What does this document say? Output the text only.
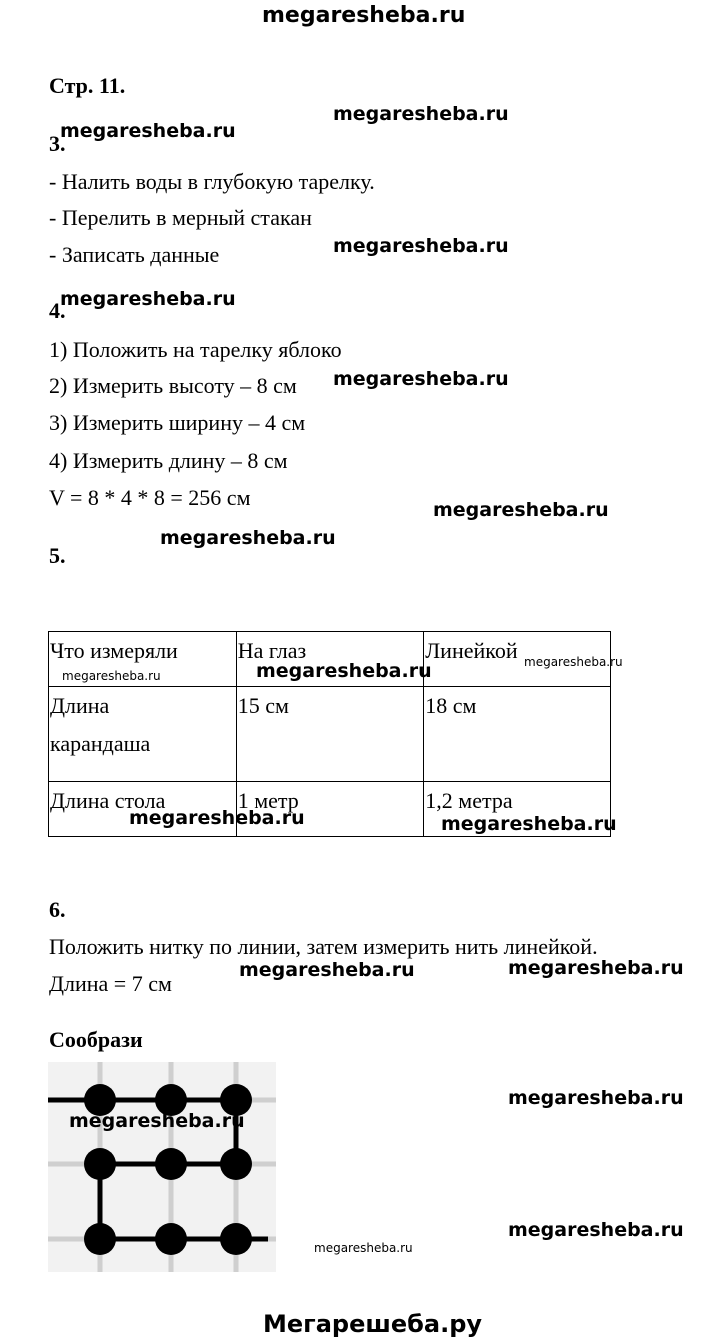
megaresheba.ru
Стр. 11.
3.
- Налить воды в глубокую тарелку.
- Перелить в мерный стакан
- Записать данные
4.
1) Положить на тарелку яблоко
2) Измерить высоту – 8 см
3) Измерить ширину – 4 см
4) Измерить длину – 8 см
V = 8 * 4 * 8 = 256 см
5.
Что измеряли	На глаз	Линейкой

Длина
карандаша	15 см	18 см
Длина стола	1 метр	1,2 метра
6.
Положить нитку по линии, затем измерить нить линейкой.
Длина = 7 см
Сообрази
megaresheba.ru
megaresheba.ru
megaresheba.ru
megaresheba.ru
megaresheba.ru
megaresheba.ru
megaresheba.ru
megaresheba.ru	megaresheba.ru	megaresheba.ru
megaresheba.ru	megaresheba.ru
megaresheba.ru	megaresheba.ru
megaresheba.ru
megaresheba.ru
megaresheba.ru
megaresheba.ru
Мегарешеба.ру
